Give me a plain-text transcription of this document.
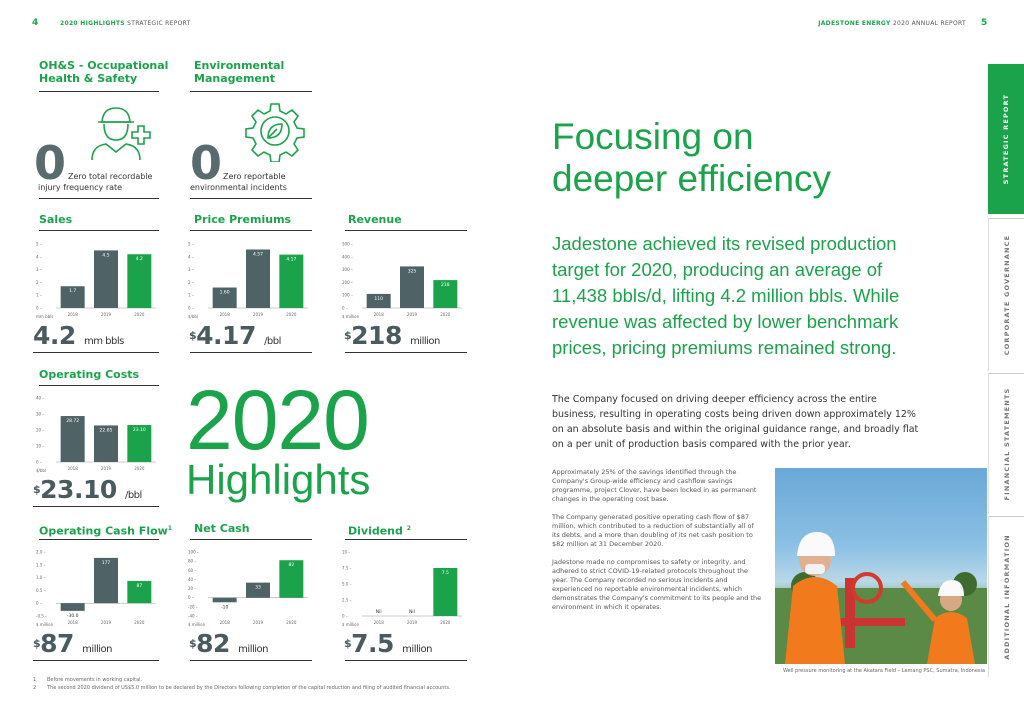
4	2020 HIGHLIGHTS STRATEGIC REPORT	JADESTONE ENERGY 2020 ANNUAL REPORT 5
OH&S - Occupational Health & Safety
0 Zero total recordable
injury frequency rate
Environmental Management
0 Zero reportable
environmental incidents
Sales
0 –
1 –
2 –
3 –
4 –
5 –
mm bbls
1.7
2018
4.5
2019
4.2
2020
4.2 mm bbls
Price Premiums
0 –
1 –
2 –
3 –
4 –
5 –
$/bbl
1.60
2018
4.57
2019
4.17
2020
$4.17 /bbl
Revenue
0 –
100 –
200 –
300 –
400 –
500 –
$ million
110
2018
325
2019
218
2020
$218 million
Operating Costs
0 –
10 –
20 –
30 –
40 –
$/bbl
28.72
2018
22.85
2019
23.10
2020
$23.10 /bbl
2020
Highlights
Operating Cash Flow$^1$
-0.5 –
0 –
0.5 –
1.0 –
1.5 –
2.0 –
$ million
-30.0
2018
177
2019
87
2020
$87 million
Net Cash
-40 –
-20 –
0 –
20 –
40 –
60 –
80 –
100 –
$ million
-10
2018
33
2019
82
2020
$82 million
Dividend $^2$
0 –
2.5 –
5.0 –
7.5 –
10 –
$ million
Nil
2018
Nil
2019
7.5
2020
$7.5 million
1 Before movements in working capital.
2 The second 2020 dividend of US$5.0 million to be declared by the Directors following completion of the capital reduction and filing of audited financial accounts.
Focusing on
deeper efficiency
Jadestone achieved its revised production target for 2020, producing an average of 11,438 bbls/d, lifting 4.2 million bbls. While revenue was affected by lower benchmark prices, pricing premiums remained strong.
The Company focused on driving deeper efficiency across the entire business, resulting in operating costs being driven down approximately 12% on an absolute basis and within the original guidance range, and broadly flat on a per unit of production basis compared with the prior year.

Approximately 25% of the savings identified through the Company's Group-wide efficiency and cashflow savings programme, project Clover, have been locked in as permanent changes in the operating cost base.

The Company generated positive operating cash flow of $87 million, which contributed to a reduction of substantially all of its debts, and a more than doubling of its net cash position to $82 million at 31 December 2020.

Jadestone made no compromises to safety or integrity, and adhered to strict COVID-19-related protocols throughout the year. The Company recorded no serious incidents and experienced no reportable environmental incidents, which demonstrates the Company's commitment to its people and the environment in which it operates.

Well pressure monitoring at the Akatara Field – Lemang PSC, Sumatra, Indonesia
STRATEGIC REPORT
CORPORATE GOVERNANCE
FINANCIAL STATEMENTS
ADDITIONAL INFORMATION
